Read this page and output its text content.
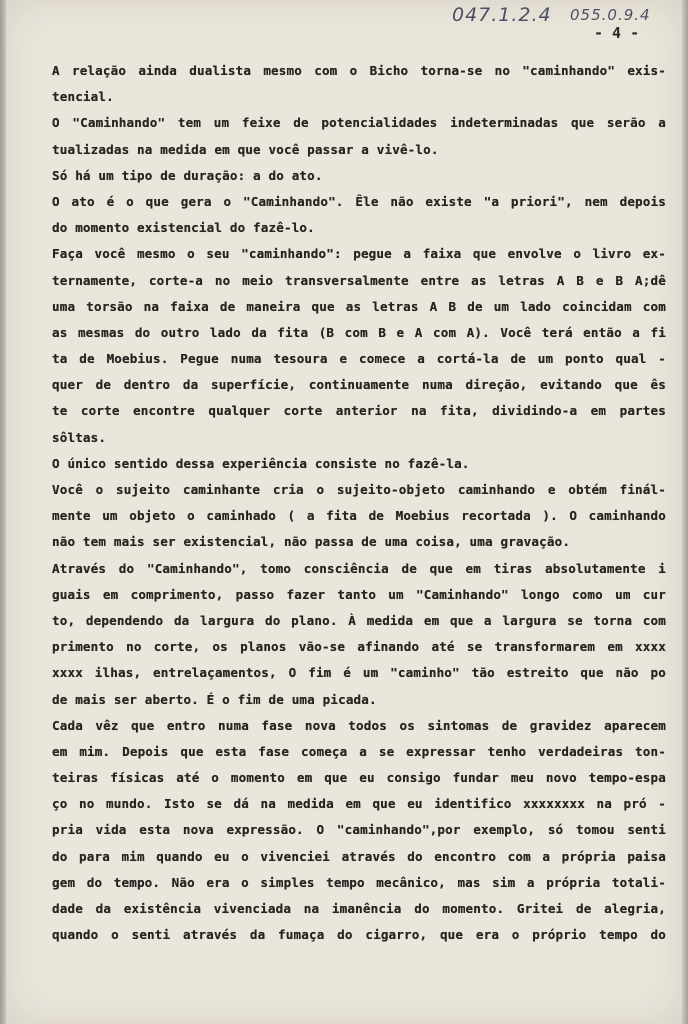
047.1.2.4 055.0.9.4
- 4 -
A relação ainda dualista mesmo com o Bicho torna-se no "caminhando" exis-
tencial.
O "Caminhando" tem um feixe de potencialidades indeterminadas que serão a
tualizadas na medida em que você passar a vivê-lo.
Só há um tipo de duração: a do ato.
O ato é o que gera o "Caminhando". Êle não existe "a priori", nem depois
do momento existencial do fazê-lo.
Faça você mesmo o seu "caminhando": pegue a faixa que envolve o livro ex-
ternamente, corte-a no meio transversalmente entre as letras A B e B A;dê
uma torsão na faixa de maneira que as letras A B de um lado coincidam com
as mesmas do outro lado da fita (B com B e A com A). Você terá então a fi
ta de Moebius. Pegue numa tesoura e comece a cortá-la de um ponto qual -
quer de dentro da superfície, continuamente numa direção, evitando que ês
te corte encontre qualquer corte anterior na fita, dividindo-a em partes
sôltas.
O único sentido dessa experiência consiste no fazê-la.
Você o sujeito caminhante cria o sujeito-objeto caminhando e obtém finál-
mente um objeto o caminhado ( a fita de Moebius recortada ). O caminhando
não tem mais ser existencial, não passa de uma coisa, uma gravação.
Através do "Caminhando", tomo consciência de que em tiras absolutamente i
guais em comprimento, passo fazer tanto um "Caminhando" longo como um cur
to, dependendo da largura do plano. À medida em que a largura se torna com
primento no corte, os planos vão-se afinando até se transformarem em xxxx
xxxx ilhas, entrelaçamentos, O fim é um "caminho" tão estreito que não po
de mais ser aberto. É o fim de uma picada.
Cada vêz que entro numa fase nova todos os sintomas de gravidez aparecem
em mim. Depois que esta fase começa a se expressar tenho verdadeiras ton-
teiras físicas até o momento em que eu consigo fundar meu novo tempo-espa
ço no mundo. Isto se dá na medida em que eu identifico xxxxxxxx na pró -
pria vida esta nova expressão. O "caminhando",por exemplo, só tomou senti
do para mim quando eu o vivenciei através do encontro com a própria paisa
gem do tempo. Não era o simples tempo mecânico, mas sim a própria totali-
dade da existência vivenciada na imanência do momento. Gritei de alegria,
quando o senti através da fumaça do cigarro, que era o próprio tempo do
